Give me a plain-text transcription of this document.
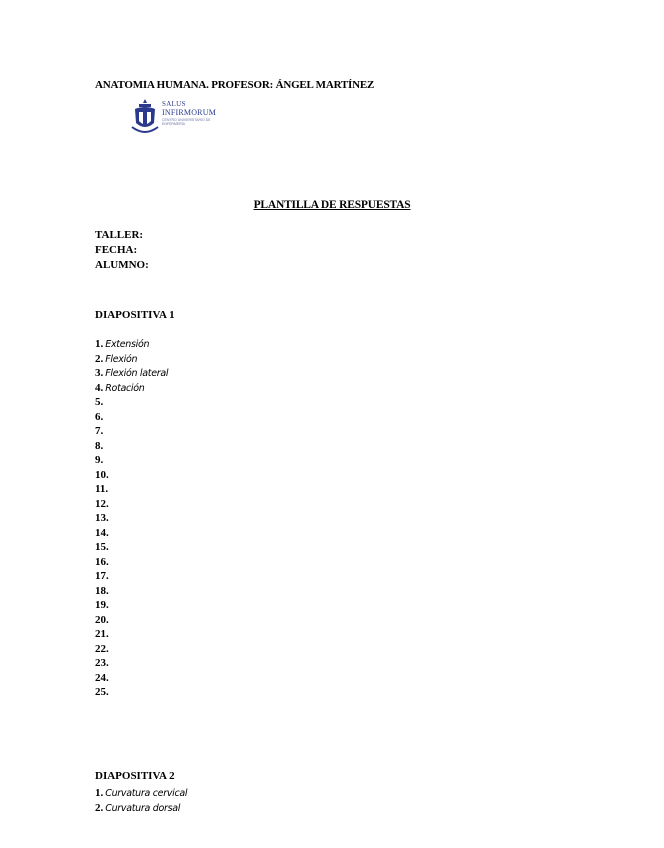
ANATOMIA HUMANA. PROFESOR: ÁNGEL MARTÍNEZ
SALUS
INFIRMORUM
CENTRO UNIVERSITARIO DE ENFERMERÍA
PLANTILLA DE RESPUESTAS
TALLER:
FECHA:
ALUMNO:
DIAPOSITIVA 1
1. Extensión
2. Flexión
3. Flexión lateral
4. Rotación
5.
6.
7.
8.
9.
10.
11.
12.
13.
14.
15.
16.
17.
18.
19.
20.
21.
22.
23.
24.
25.
DIAPOSITIVA 2
1. Curvatura cervical
2. Curvatura dorsal
